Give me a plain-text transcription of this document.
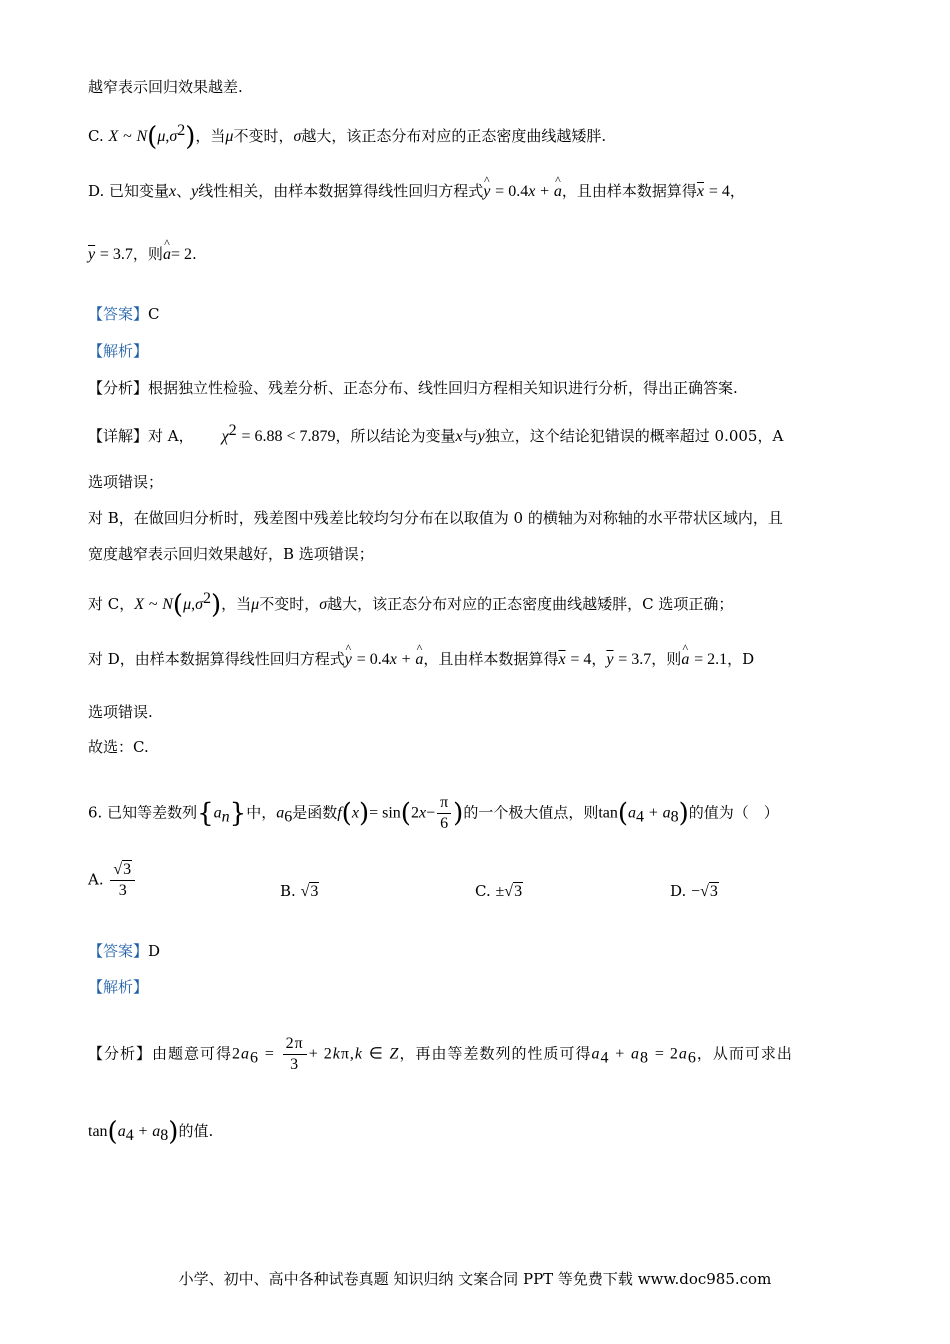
越窄表示回归效果越差.
C. X ~ $N(\mu,\sigma^2)$，当μ不变时，σ越大，该正态分布对应的正态密度曲线越矮胖.
D. 已知变量x、y线性相关，由样本数据算得线性回归方程式^ y = 0.4x + ^ a，且由样本数据算得$\overline{x} = 4$，
$\overline{y} = 3.7$，则^ a= 2.
【答案】C
【解析】
【分析】根据独立性检验、残差分析、正态分布、线性回归方程相关知识进行分析，得出正确答案.
【详解】对 A， $\chi^2 = 6.88 < 7.879$，所以结论为变量x与y独立，这个结论犯错误的概率超过 0.005，A
选项错误；
对 B，在做回归分析时，残差图中残差比较均匀分布在以取值为 0 的横轴为对称轴的水平带状区域内，且
宽度越窄表示回归效果越好，B 选项错误；
对 C，X ~ $N(\mu,\sigma^2)$，当μ不变时，σ越大，该正态分布对应的正态密度曲线越矮胖，C 选项正确；
对 D，由样本数据算得线性回归方程式^ y = 0.4x + ^ a，且由样本数据算得$\overline{x} = 4$，$\overline{y} = 3.7$，则^ a = 2.1，D
选项错误.
故选：C.
6. 已知等差数列$\{a_n\}$中，$a_6$是函数$f(x)= \sin(2x- \frac{\pi}{6}$ )的一个极大值点，则$\tan(a_4 + a_8)$的值为（　）
A. $\frac{√3}{3}$	B. √3	C. ±√3	D. −√3
【答案】D
【解析】
【分析】由题意可得$2a_6 = \frac{2\pi}{3} + 2k\pi,k$ ∈ Z，再由等差数列的性质可得$a_4 + a_8 = 2a_6$，从而可求出
$\tan(a_4 + a_8)$的值.
小学、初中、高中各种试卷真题 知识归纳 文案合同 PPT 等免费下载 www.doc985.com
